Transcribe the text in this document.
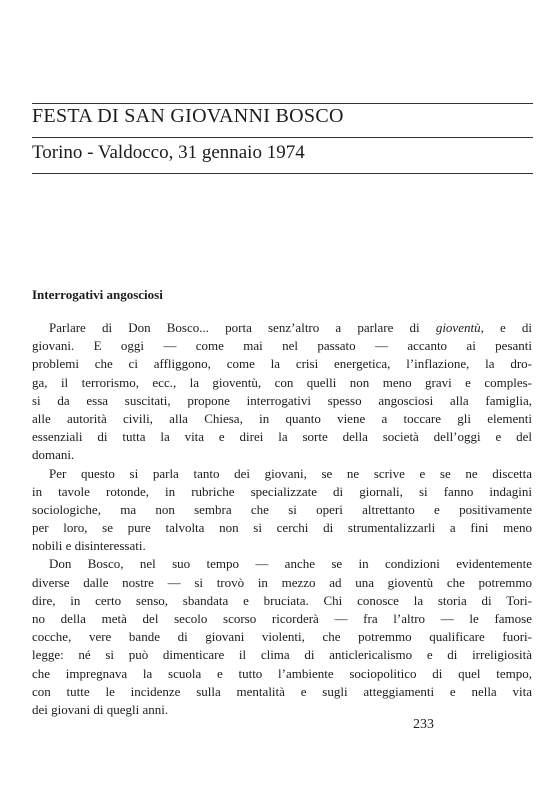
FESTA DI SAN GIOVANNI BOSCO
Torino - Valdocco, 31 gennaio 1974
Interrogativi angosciosi
Parlare di Don Bosco... porta senz’altro a parlare di gioventù, e di
giovani. E oggi — come mai nel passato — accanto ai pesanti
problemi che ci affliggono, come la crisi energetica, l’inflazione, la dro-
ga, il terrorismo, ecc., la gioventù, con quelli non meno gravi e comples-
si da essa suscitati, propone interrogativi spesso angosciosi alla famiglia,
alle autorità civili, alla Chiesa, in quanto viene a toccare gli elementi
essenziali di tutta la vita e direi la sorte della società dell’oggi e del
domani.
Per questo si parla tanto dei giovani, se ne scrive e se ne discetta
in tavole rotonde, in rubriche specializzate di giornali, si fanno indagini
sociologiche, ma non sembra che si operi altrettanto e positivamente
per loro, se pure talvolta non si cerchi di strumentalizzarli a fini meno
nobili e disinteressati.
Don Bosco, nel suo tempo — anche se in condizioni evidentemente
diverse dalle nostre — si trovò in mezzo ad una gioventù che potremmo
dire, in certo senso, sbandata e bruciata. Chi conosce la storia di Tori-
no della metà del secolo scorso ricorderà — fra l’altro — le famose
cocche, vere bande di giovani violenti, che potremmo qualificare fuori-
legge: né si può dimenticare il clima di anticlericalismo e di irreligiosità
che impregnava la scuola e tutto l’ambiente sociopolitico di quel tempo,
con tutte le incidenze sulla mentalità e sugli atteggiamenti e nella vita
dei giovani di quegli anni.
233
